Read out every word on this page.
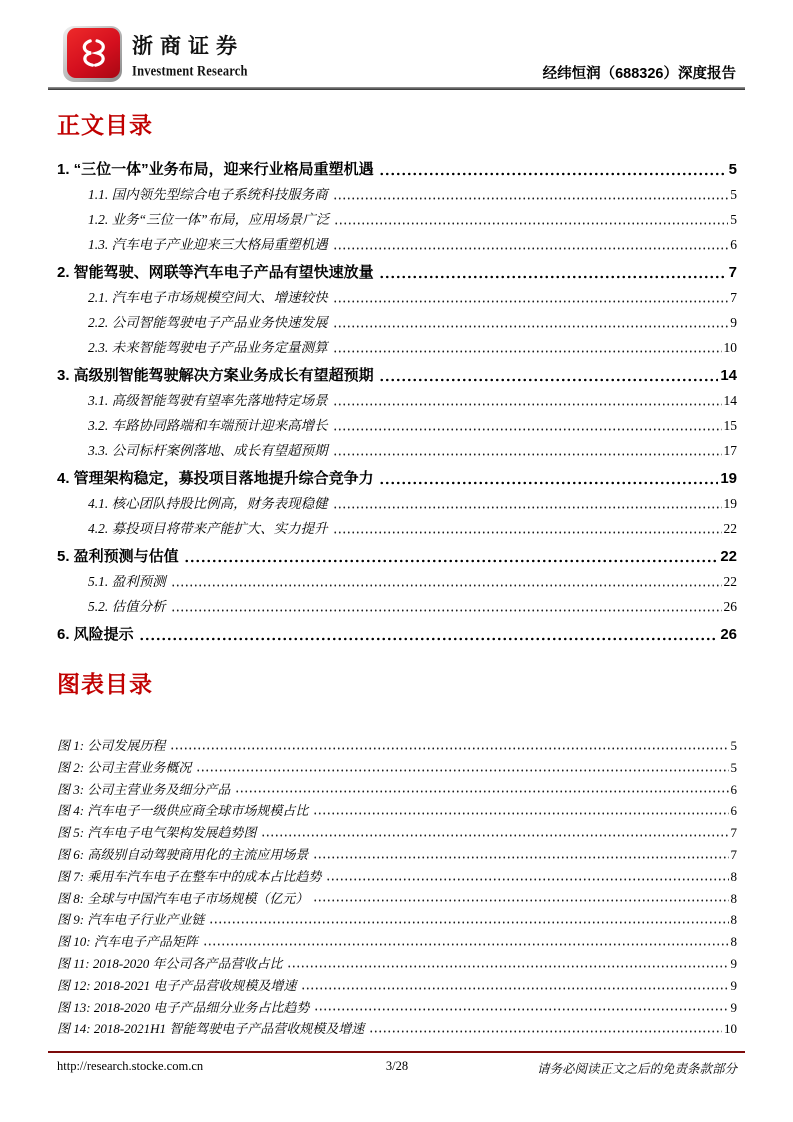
浙商证券
Investment Research	经纬恒润（688326）深度报告
正文目录
1. “三位一体”业务布局，迎来行业格局重塑机遇	5
1.1. 国内领先型综合电子系统科技服务商	5
1.2. 业务“三位一体”布局，应用场景广泛	5
1.3. 汽车电子产业迎来三大格局重塑机遇	6
2. 智能驾驶、网联等汽车电子产品有望快速放量	7
2.1. 汽车电子市场规模空间大、增速较快	7
2.2. 公司智能驾驶电子产品业务快速发展	9
2.3. 未来智能驾驶电子产品业务定量测算	10
3. 高级别智能驾驶解决方案业务成长有望超预期	14
3.1. 高级智能驾驶有望率先落地特定场景	14
3.2. 车路协同路端和车端预计迎来高增长	15
3.3. 公司标杆案例落地、成长有望超预期	17
4. 管理架构稳定，募投项目落地提升综合竞争力	19
4.1. 核心团队持股比例高，财务表现稳健	19
4.2. 募投项目将带来产能扩大、实力提升	22
5. 盈利预测与估值	22
5.1. 盈利预测	22
5.2. 估值分析	26
6. 风险提示	26
图表目录
图 1: 公司发展历程	5
图 2: 公司主营业务概况	5
图 3: 公司主营业务及细分产品	6
图 4: 汽车电子一级供应商全球市场规模占比	6
图 5: 汽车电子电气架构发展趋势图	7
图 6: 高级别自动驾驶商用化的主流应用场景	7
图 7: 乘用车汽车电子在整车中的成本占比趋势	8
图 8: 全球与中国汽车电子市场规模（亿元）	8
图 9: 汽车电子行业产业链	8
图 10: 汽车电子产品矩阵	8
图 11: 2018-2020 年公司各产品营收占比	9
图 12: 2018-2021 电子产品营收规模及增速	9
图 13: 2018-2020 电子产品细分业务占比趋势	9
图 14: 2018-2021H1 智能驾驶电子产品营收规模及增速	10
http://research.stocke.com.cn	3/28	请务必阅读正文之后的免责条款部分
